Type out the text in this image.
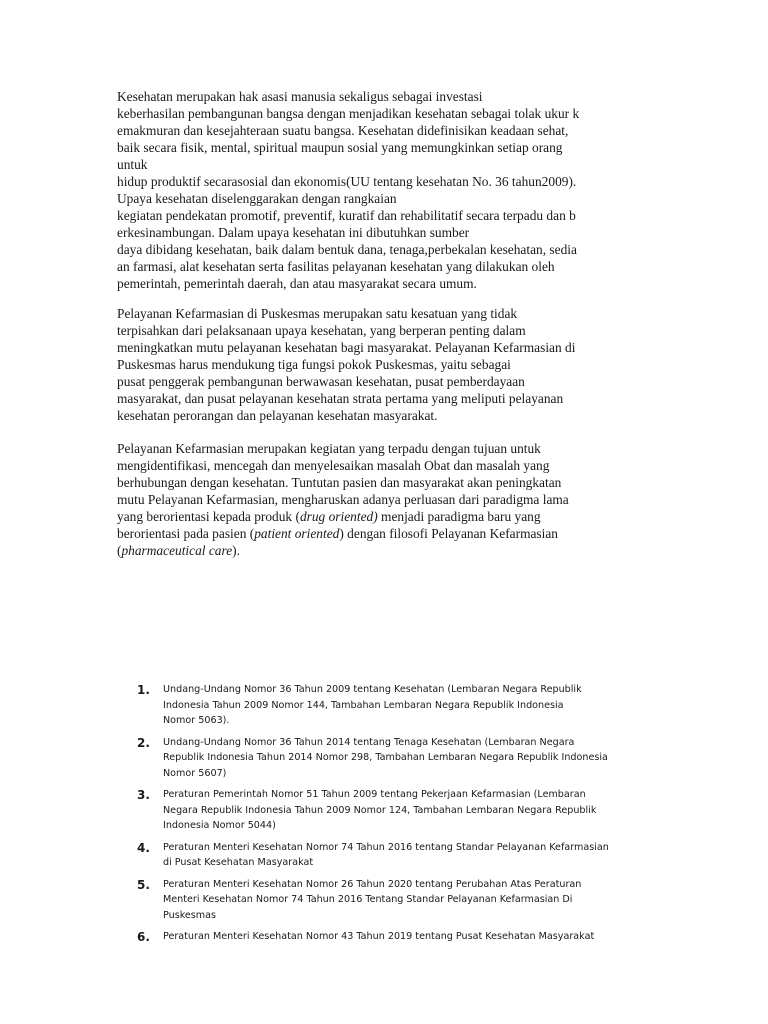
Kesehatan merupakan hak asasi manusia sekaligus sebagai investasi
keberhasilan pembangunan bangsa dengan menjadikan kesehatan sebagai tolak ukur k
emakmuran dan kesejahteraan suatu bangsa. Kesehatan didefinisikan keadaan sehat,
baik secara fisik, mental, spiritual maupun sosial yang memungkinkan setiap orang
untuk
hidup produktif secarasosial dan ekonomis(UU tentang kesehatan No. 36 tahun2009).
Upaya kesehatan diselenggarakan dengan rangkaian
kegiatan pendekatan promotif, preventif, kuratif dan rehabilitatif secara terpadu dan b
erkesinambungan. Dalam upaya kesehatan ini dibutuhkan sumber
daya dibidang kesehatan, baik dalam bentuk dana, tenaga,perbekalan kesehatan, sedia
an farmasi, alat kesehatan serta fasilitas pelayanan kesehatan yang dilakukan oleh
pemerintah, pemerintah daerah, dan atau masyarakat secara umum.
Pelayanan Kefarmasian di Puskesmas merupakan satu kesatuan yang tidak
terpisahkan dari pelaksanaan upaya kesehatan, yang berperan penting dalam
meningkatkan mutu pelayanan kesehatan bagi masyarakat. Pelayanan Kefarmasian di
Puskesmas harus mendukung tiga fungsi pokok Puskesmas, yaitu sebagai
pusat penggerak pembangunan berwawasan kesehatan, pusat pemberdayaan
masyarakat, dan pusat pelayanan kesehatan strata pertama yang meliputi pelayanan
kesehatan perorangan dan pelayanan kesehatan masyarakat.
Pelayanan Kefarmasian merupakan kegiatan yang terpadu dengan tujuan untuk
mengidentifikasi, mencegah dan menyelesaikan masalah Obat dan masalah yang
berhubungan dengan kesehatan. Tuntutan pasien dan masyarakat akan peningkatan
mutu Pelayanan Kefarmasian, mengharuskan adanya perluasan dari paradigma lama
yang berorientasi kepada produk (drug oriented) menjadi paradigma baru yang
berorientasi pada pasien (patient oriented) dengan filosofi Pelayanan Kefarmasian
(pharmaceutical care).
1. Undang-Undang Nomor 36 Tahun 2009 tentang Kesehatan (Lembaran Negara Republik
Indonesia Tahun 2009 Nomor 144, Tambahan Lembaran Negara Republik Indonesia
Nomor 5063).
2. Undang-Undang Nomor 36 Tahun 2014 tentang Tenaga Kesehatan (Lembaran Negara
Republik Indonesia Tahun 2014 Nomor 298, Tambahan Lembaran Negara Republik Indonesia
Nomor 5607)
3. Peraturan Pemerintah Nomor 51 Tahun 2009 tentang Pekerjaan Kefarmasian (Lembaran
Negara Republik Indonesia Tahun 2009 Nomor 124, Tambahan Lembaran Negara Republik
Indonesia Nomor 5044)
4. Peraturan Menteri Kesehatan Nomor 74 Tahun 2016 tentang Standar Pelayanan Kefarmasian
di Pusat Kesehatan Masyarakat
5. Peraturan Menteri Kesehatan Nomor 26 Tahun 2020 tentang Perubahan Atas Peraturan
Menteri Kesehatan Nomor 74 Tahun 2016 Tentang Standar Pelayanan Kefarmasian Di
Puskesmas
6. Peraturan Menteri Kesehatan Nomor 43 Tahun 2019 tentang Pusat Kesehatan Masyarakat
